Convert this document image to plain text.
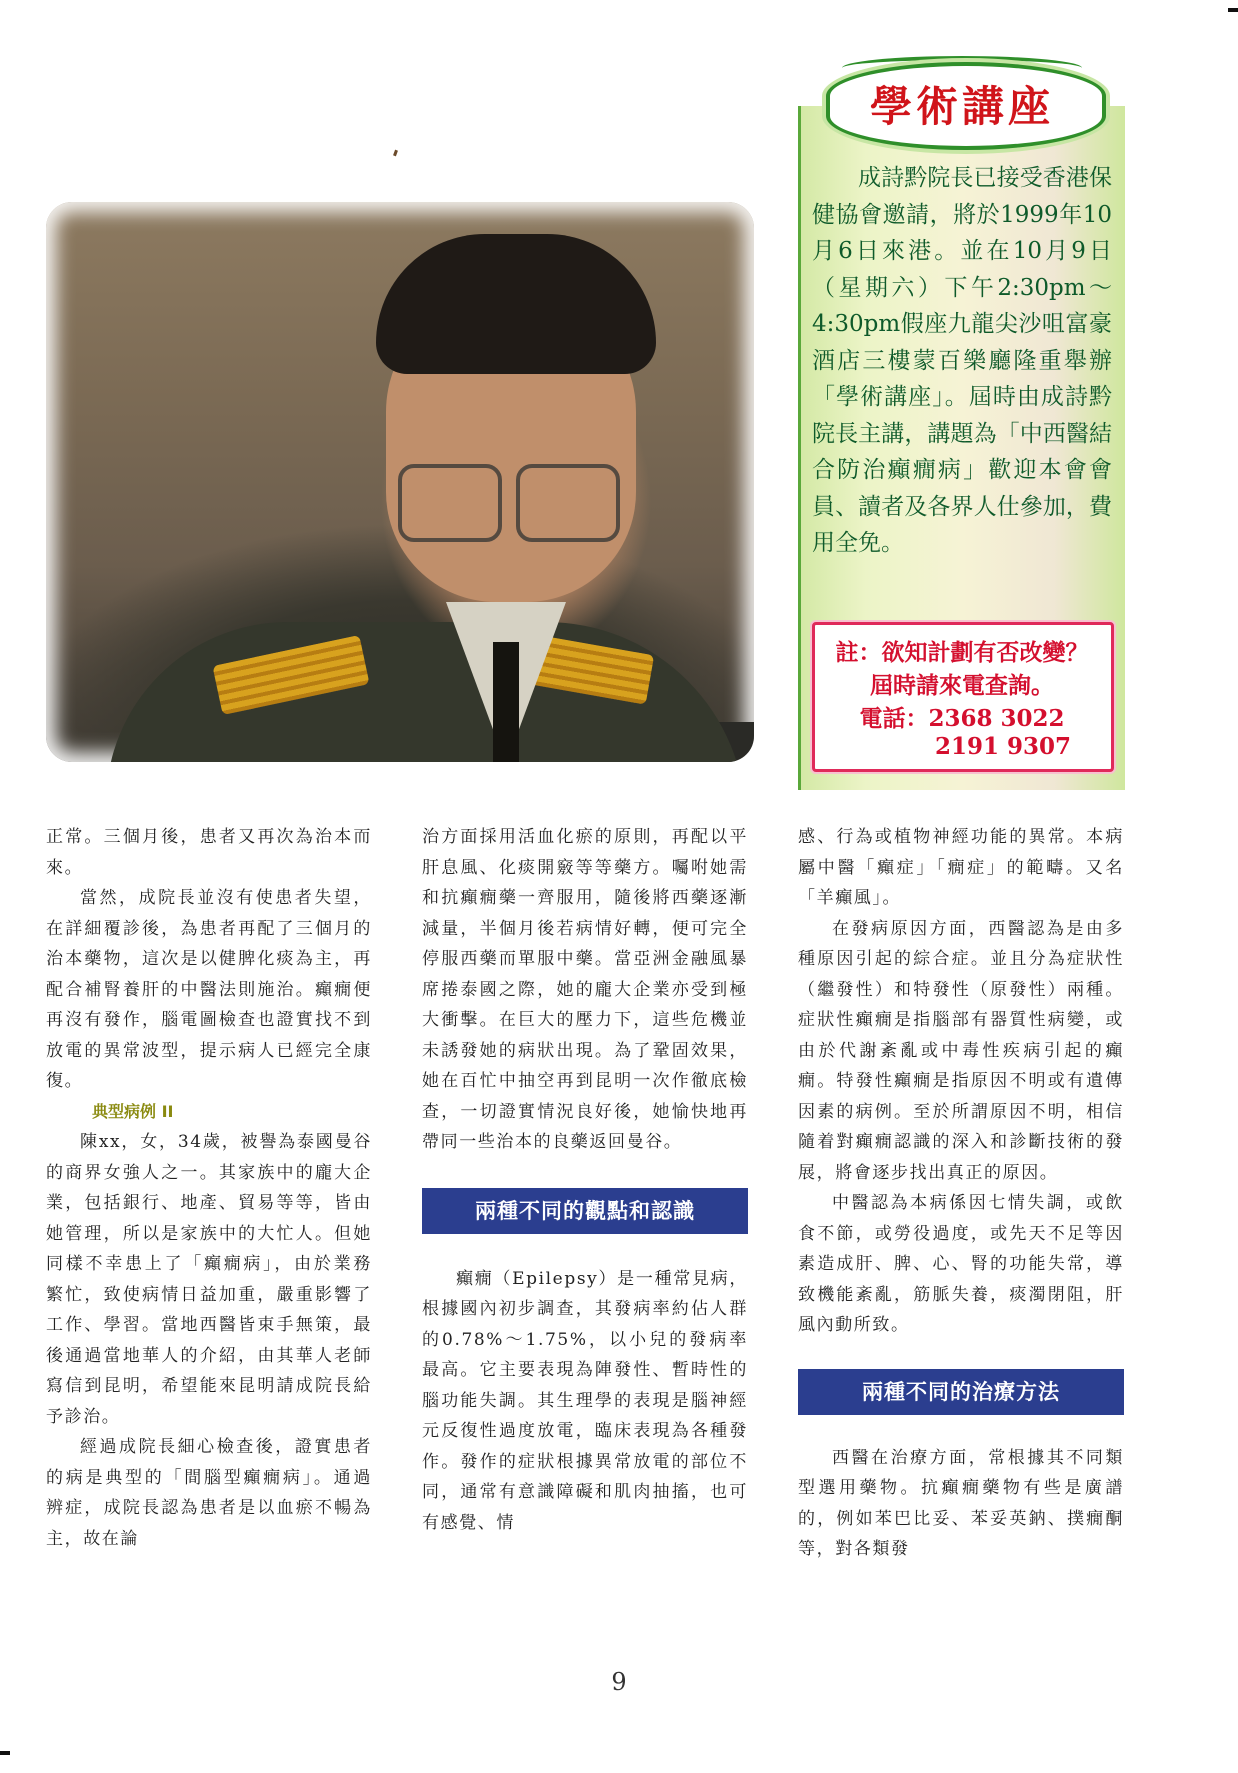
學術講座

成詩黔院長已接受香港保健協會邀請，將於1999年10月6日來港。並在10月9日（星期六）下午2:30pm～4:30pm假座九龍尖沙咀富豪酒店三樓蒙百樂廳隆重舉辦「學術講座」。屆時由成詩黔院長主講，講題為「中西醫結合防治癲癇病」歡迎本會會員、讀者及各界人仕參加，費用全免。

註：欲知計劃有否改變？
屆時請來電查詢。
電話：2368 3022
2191 9307

正常。三個月後，患者又再次為治本而來。

當然，成院長並沒有使患者失望，在詳細覆診後，為患者再配了三個月的治本藥物，這次是以健脾化痰為主，再配合補腎養肝的中醫法則施治。癲癇便再沒有發作，腦電圖檢查也證實找不到放電的異常波型，提示病人已經完全康復。

典型病例 II

陳xx，女，34歲，被譽為泰國曼谷的商界女強人之一。其家族中的龐大企業，包括銀行、地產、貿易等等，皆由她管理，所以是家族中的大忙人。但她同樣不幸患上了「癲癇病」，由於業務繁忙，致使病情日益加重，嚴重影響了工作、學習。當地西醫皆束手無策，最後通過當地華人的介紹，由其華人老師寫信到昆明，希望能來昆明請成院長給予診治。

經過成院長細心檢查後，證實患者的病是典型的「間腦型癲癇病」。通過辨症，成院長認為患者是以血瘀不暢為主，故在論

治方面採用活血化瘀的原則，再配以平肝息風、化痰開竅等等藥方。囑咐她需和抗癲癇藥一齊服用，隨後將西藥逐漸減量，半個月後若病情好轉，便可完全停服西藥而單服中藥。當亞洲金融風暴席捲泰國之際，她的龐大企業亦受到極大衝擊。在巨大的壓力下，這些危機並未誘發她的病狀出現。為了鞏固效果，她在百忙中抽空再到昆明一次作徹底檢查，一切證實情況良好後，她愉快地再帶同一些治本的良藥返回曼谷。

兩種不同的觀點和認識

癲癇（Epilepsy）是一種常見病，根據國內初步調查，其發病率約佔人群的0.78%～1.75%，以小兒的發病率最高。它主要表現為陣發性、暫時性的腦功能失調。其生理學的表現是腦神經元反復性過度放電，臨床表現為各種發作。發作的症狀根據異常放電的部位不同，通常有意識障礙和肌肉抽搐，也可有感覺、情

感、行為或植物神經功能的異常。本病屬中醫「癲症」「癇症」的範疇。又名「羊癲風」。

在發病原因方面，西醫認為是由多種原因引起的綜合症。並且分為症狀性（繼發性）和特發性（原發性）兩種。症狀性癲癇是指腦部有器質性病變，或由於代謝紊亂或中毒性疾病引起的癲癇。特發性癲癇是指原因不明或有遺傳因素的病例。至於所謂原因不明，相信隨着對癲癇認識的深入和診斷技術的發展，將會逐步找出真正的原因。

中醫認為本病係因七情失調，或飲食不節，或勞役過度，或先天不足等因素造成肝、脾、心、腎的功能失常，導致機能紊亂，筋脈失養，痰濁閉阻，肝風內動所致。

兩種不同的治療方法

西醫在治療方面，常根據其不同類型選用藥物。抗癲癇藥物有些是廣譜的，例如苯巴比妥、苯妥英鈉、撲癇酮等，對各類發

9
